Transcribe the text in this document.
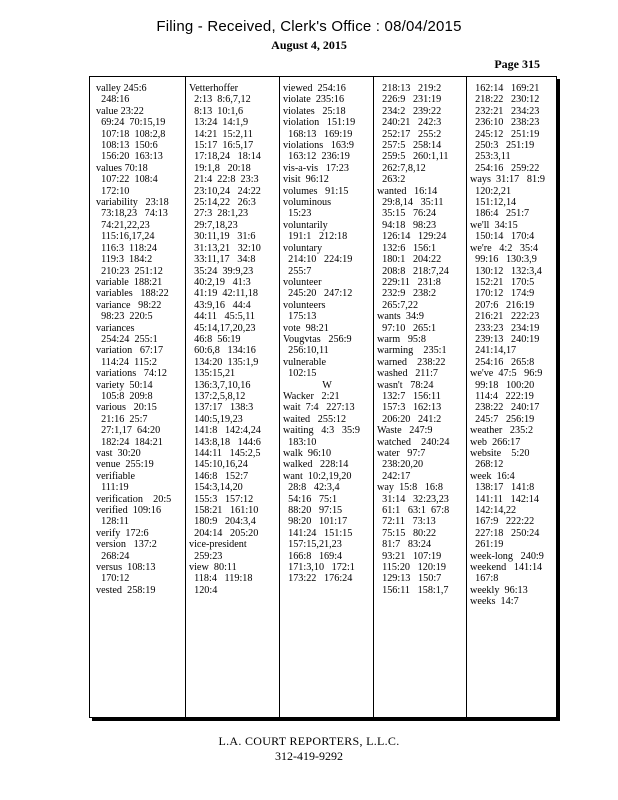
Filing - Received, Clerk's Office : 08/04/2015
August 4, 2015
Page 315
valley 245:6
248:16
value 23:22
69:24  70:15,19
107:18  108:2,8
108:13  150:6
156:20  163:13
values 70:18
107:22  108:4
172:10
variability   23:18
73:18,23   74:13
74:21,22,23
115:16,17,24
116:3  118:24
119:3  184:2
210:23  251:12
variable  188:21
variables   188:22
variance   98:22
98:23  220:5
variances
254:24  255:1
variation   67:17
114:24  115:2
variations   74:12
variety  50:14
105:8  209:8
various   20:15
21:16  25:7
27:1,17  64:20
182:24  184:21
vast  30:20
venue  255:19
verifiable
111:19
verification    20:5
verified  109:16
128:11
verify  172:6
version   137:2
268:24
versus  108:13
170:12
vested  258:19
Vetterhoffer
2:13  8:6,7,12
8:13  10:1,6
13:24  14:1,9
14:21  15:2,11
15:17  16:5,17
17:18,24   18:14
19:1,8   20:18
21:4  22:8  23:3
23:10,24   24:22
25:14,22   26:3
27:3  28:1,23
29:7,18,23
30:11,19   31:6
31:13,21   32:10
33:11,17   34:8
35:24  39:9,23
40:2,19   41:3
41:19  42:11,18
43:9,16   44:4
44:11   45:5,11
45:14,17,20,23
46:8  56:19
60:6,8   134:16
134:20  135:1,9
135:15,21
136:3,7,10,16
137:2,5,8,12
137:17   138:3
140:5,19,23
141:8   142:4,24
143:8,18   144:6
144:11   145:2,5
145:10,16,24
146:8   152:7
154:3,14,20
155:3   157:12
158:21   161:10
180:9   204:3,4
204:14   205:20
vice-president
259:23
view  80:11
118:4   119:18
120:4
viewed  254:16
violate  235:16
violates   25:18
violation   151:19
168:13   169:19
violations   163:9
163:12  236:19
vis-a-vis   17:23
visit  96:12
volumes   91:15
voluminous
15:23
voluntarily
191:1   212:18
voluntary
214:10   224:19
255:7
volunteer
245:20   247:12
volunteers
175:13
vote  98:21
Vougvtas   256:9
256:10,11
vulnerable
102:15
W
Wacker   2:21
wait  7:4   227:13
waited   255:12
waiting   4:3   35:9
183:10
walk  96:10
walked   228:14
want  10:2,19,20
28:8   42:3,4
54:16   75:1
88:20   97:15
98:20   101:17
141:24   151:15
157:15,21,23
166:8   169:4
171:3,10   172:1
173:22   176:24
218:13   219:2
226:9   231:19
234:2   239:22
240:21   242:3
252:17   255:2
257:5   258:14
259:5   260:1,11
262:7,8,12
263:2
wanted   16:14
29:8,14   35:11
35:15   76:24
94:18   98:23
126:14   129:24
132:6   156:1
180:1   204:22
208:8   218:7,24
229:11   231:8
232:9   238:2
265:7,22
wants  34:9
97:10   265:1
warm   95:8
warming    235:1
warned    238:22
washed   211:7
wasn't   78:24
132:7   156:11
157:3   162:13
206:20   241:2
Waste   247:9
watched    240:24
water   97:7
238:20,20
242:17
way  15:8   16:8
31:14   32:23,23
61:1   63:1  67:8
72:11   73:13
75:15   80:22
81:7   83:24
93:21   107:19
115:20   120:19
129:13   150:7
156:11   158:1,7
162:14   169:21
218:22   230:12
232:21   234:23
236:10   238:23
245:12   251:19
250:3   251:19
253:3,11
254:16   259:22
ways  31:17   81:9
120:2,21
151:12,14
186:4   251:7
we'll  34:15
150:14   170:4
we're   4:2   35:4
99:16   130:3,9
130:12   132:3,4
152:21   170:5
170:12   174:9
207:6   216:19
216:21   222:23
233:23   234:19
239:13   240:19
241:14,17
254:16   265:8
we've  47:5   96:9
99:18   100:20
114:4   222:19
238:22   240:17
245:7   256:19
weather   235:2
web  266:17
website    5:20
268:12
week  16:4
138:17   141:8
141:11   142:14
142:14,22
167:9   222:22
227:18   250:24
261:19
week-long   240:9
weekend   141:14
167:8
weekly  96:13
weeks  14:7
L.A. COURT REPORTERS, L.L.C.
312-419-9292
